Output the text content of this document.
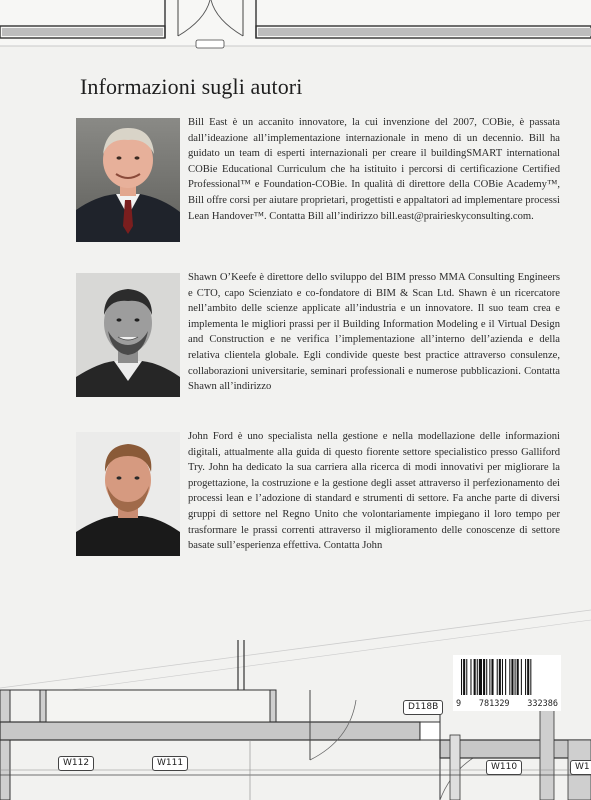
Informazioni sugli autori

Bill East è un accanito innovatore, la cui invenzione del 2007, COBie, è passata dall’ideazione all’implementazione internazionale in meno di un decennio. Bill ha guidato un team di esperti internazionali per creare il buildingSMART international COBie Educational Curriculum che ha istituito i percorsi di certificazione Certified Professional™ e Foundation-COBie. In qualità di direttore della COBie Academy™, Bill offre corsi per aiutare proprietari, progettisti e appaltatori ad implementare processi Lean Handover™. Contatta Bill all’indirizzo bill.east@prairieskyconsulting.com.

Shawn O’Keefe è direttore dello sviluppo del BIM presso MMA Consulting Engineers e CTO, capo Scienziato e co-fondatore di BIM & Scan Ltd. Shawn è un ricercatore nell’ambito delle scienze applicate all’industria e un innovatore. Il suo team crea e implementa le migliori prassi per il Building Information Modeling e il Virtual Design and Construction e ne verifica l’implementazione all’interno dell’azienda e della relativa clientela globale. Egli condivide queste best practice attraverso consulenze, collaborazioni universitarie, seminari professionali e numerose pubblicazioni. Contatta Shawn all’indirizzo

John Ford è uno specialista nella gestione e nella modellazione delle informazioni digitali, attualmente alla guida di questo fiorente settore specialistico presso Galliford Try. John ha dedicato la sua carriera alla ricerca di modi innovativi per migliorare la progettazione, la costruzione e la gestione degli asset attraverso il perfezionamento dei processi lean e l’adozione di standard e strumenti di settore. Fa anche parte di diversi gruppi di settore nel Regno Unito che volontariamente impiegano il loro tempo per trasformare le prassi correnti attraverso il miglioramento delle conoscenze di settore basate sull’esperienza effettiva. Contatta John

D118B
W112	W111	W110	W1
9 781329 332386
